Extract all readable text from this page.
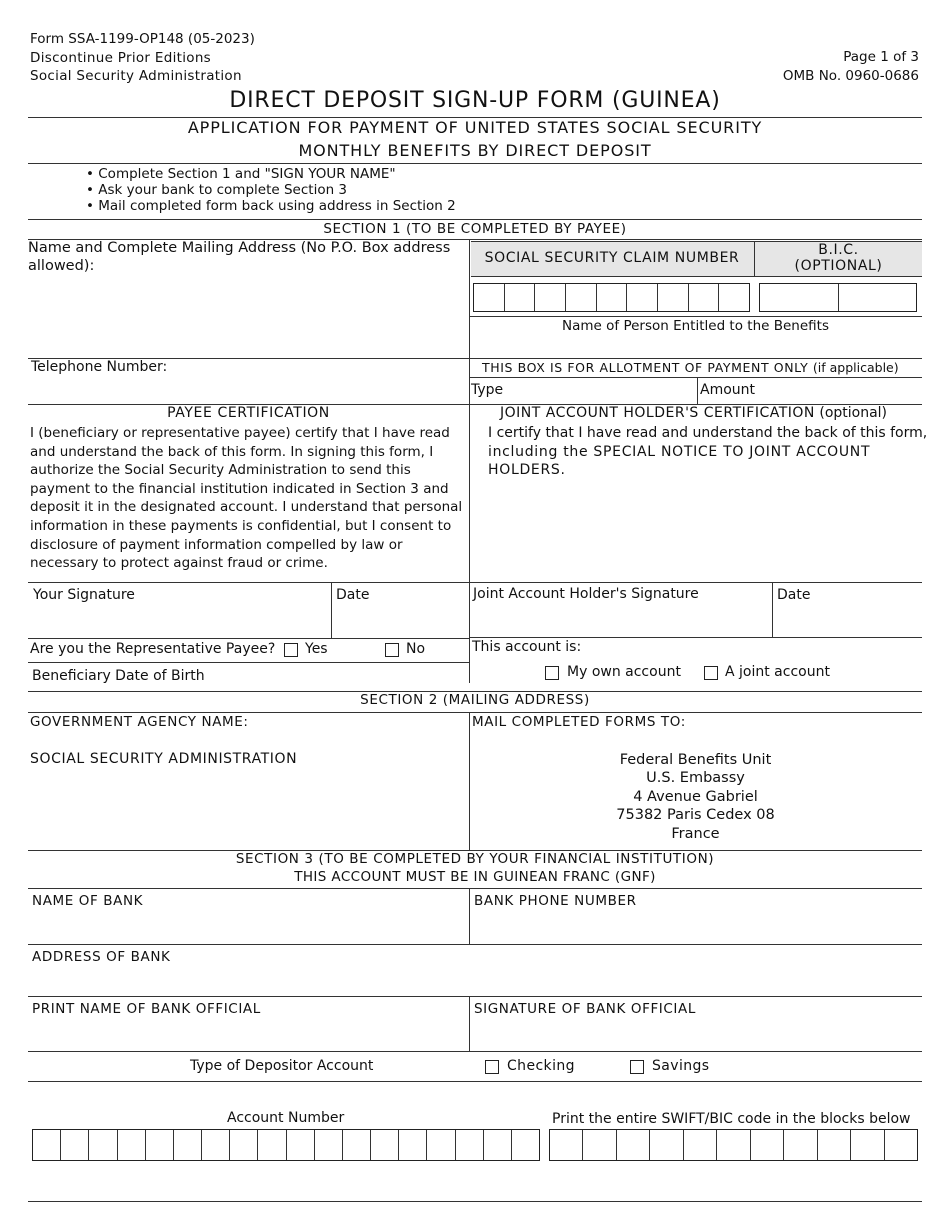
Form SSA-1199-OP148 (05-2023)
Discontinue Prior Editions
Social Security Administration
Page 1 of 3
OMB No. 0960-0686
DIRECT DEPOSIT SIGN-UP FORM (GUINEA)
APPLICATION FOR PAYMENT OF UNITED STATES SOCIAL SECURITY
MONTHLY BENEFITS BY DIRECT DEPOSIT
• Complete Section 1 and "SIGN YOUR NAME"
• Ask your bank to complete Section 3
• Mail completed form back using address in Section 2
SECTION 1 (TO BE COMPLETED BY PAYEE)
Name and Complete Mailing Address (No P.O. Box address
allowed):	SOCIAL SECURITY CLAIM NUMBER	B.I.C.
(OPTIONAL)
Name of Person Entitled to the Benefits
Telephone Number:	THIS BOX IS FOR ALLOTMENT OF PAYMENT ONLY (if applicable)
Type	Amount
PAYEE CERTIFICATION
I (beneficiary or representative payee) certify that I have read and understand the back of this form. In signing this form, I authorize the Social Security Administration to send this payment to the financial institution indicated in Section 3 and deposit it in the designated account. I understand that personal information in these payments is confidential, but I consent to disclosure of payment information compelled by law or necessary to protect against fraud or crime.
JOINT ACCOUNT HOLDER'S CERTIFICATION (optional)
I certify that I have read and understand the back of this form,
including the SPECIAL NOTICE TO JOINT ACCOUNT
HOLDERS.
Your Signature	Date	Joint Account Holder's Signature	Date
Are you the Representative Payee? Yes	No
Beneficiary Date of Birth
This account is:
My own account	A joint account
SECTION 2 (MAILING ADDRESS)
GOVERNMENT AGENCY NAME:
SOCIAL SECURITY ADMINISTRATION
MAIL COMPLETED FORMS TO:
Federal Benefits Unit
U.S. Embassy
4 Avenue Gabriel
75382 Paris Cedex 08
France
SECTION 3 (TO BE COMPLETED BY YOUR FINANCIAL INSTITUTION)
THIS ACCOUNT MUST BE IN GUINEAN FRANC (GNF)
NAME OF BANK	BANK PHONE NUMBER
ADDRESS OF BANK
PRINT NAME OF BANK OFFICIAL	SIGNATURE OF BANK OFFICIAL
Type of Depositor Account	Checking	Savings
Account Number	Print the entire SWIFT/BIC code in the blocks below
